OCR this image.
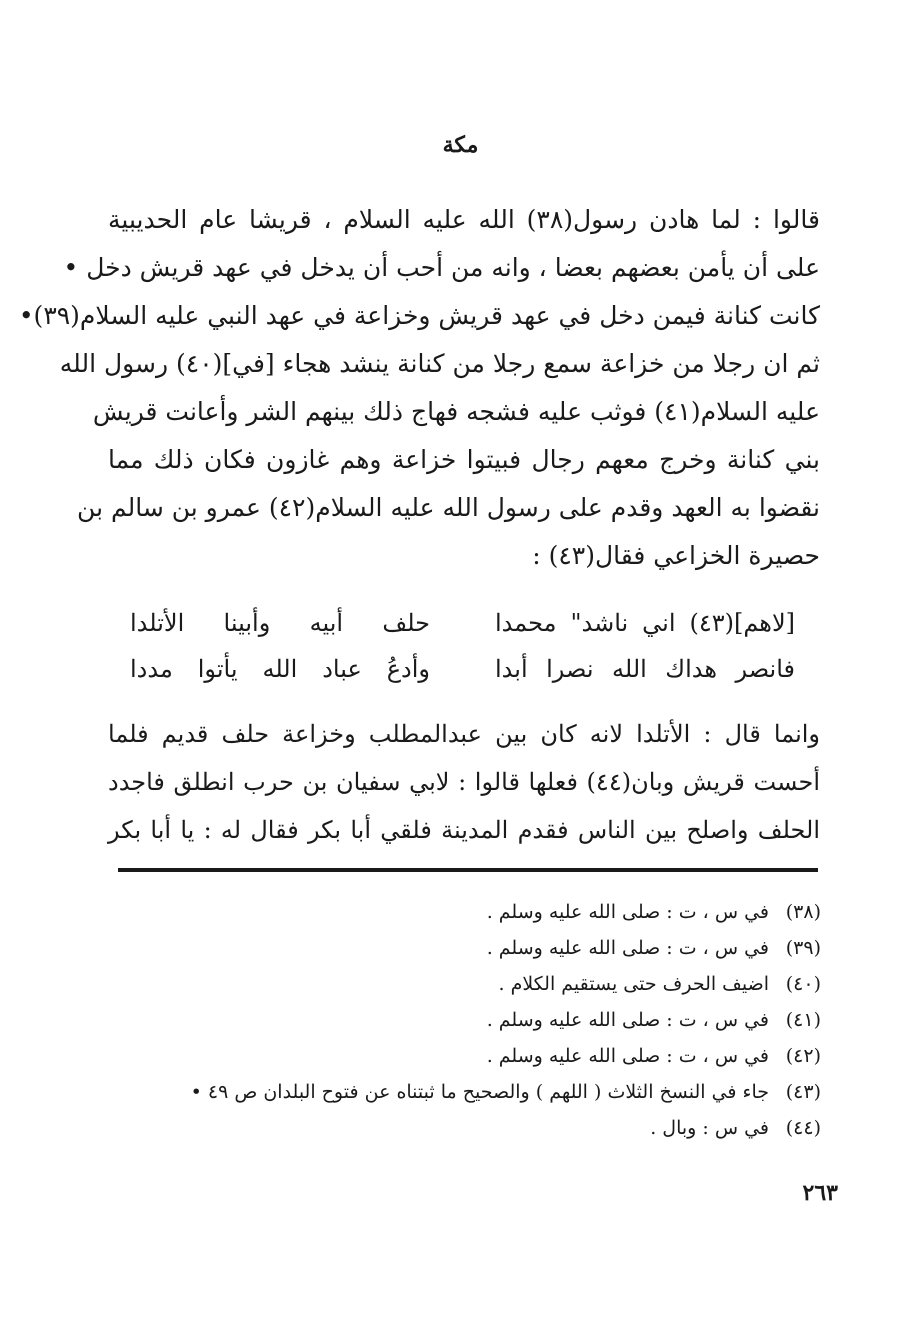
مكة

قالوا : لما هادن رسول(٣٨) الله عليه السلام ، قريشا عام الحديبية

على أن يأمن بعضهم بعضا ، وانه من أحب أن يدخل في عهد قريش دخل •

كانت كنانة فيمن دخل في عهد قريش وخزاعة في عهد النبي عليه السلام(٣٩)•

ثم ان رجلا من خزاعة سمع رجلا من كنانة ينشد هجاء [في](٤٠) رسول الله

عليه السلام(٤١) فوثب عليه فشجه فهاج ذلك بينهم الشر وأعانت قريش

بني كنانة وخرج معهم رجال فبيتوا خزاعة وهم غازون فكان ذلك مما

نقضوا به العهد وقدم على رسول الله عليه السلام(٤٢) عمرو بن سالم بن

حصيرة الخزاعي فقال(٤٣) :

[لاهم](٤٣) اني ناشد" محمدا
حلف أبيه وأبينا الأتلدا
فانصر هداك الله نصرا أبدا
وأدعُ عباد الله يأتوا مددا

وانما قال : الأتلدا لانه كان بين عبدالمطلب وخزاعة حلف قديم فلما

أحست قريش وبان(٤٤) فعلها قالوا : لابي سفيان بن حرب انطلق فاجدد

الحلف واصلح بين الناس فقدم المدينة فلقي أبا بكر فقال له : يا أبا بكر

(٣٨)
في س ، ت : صلى الله عليه وسلم .
(٣٩)
في س ، ت : صلى الله عليه وسلم .
(٤٠)
اضيف الحرف حتى يستقيم الكلام .
(٤١)
في س ، ت : صلى الله عليه وسلم .
(٤٢)
في س ، ت : صلى الله عليه وسلم .
(٤٣)
جاء في النسخ الثلاث ( اللهم ) والصحيح ما ثبتناه عن فتوح البلدان ص ٤٩ •
(٤٤)
في س : وبال .
٢٦٣
